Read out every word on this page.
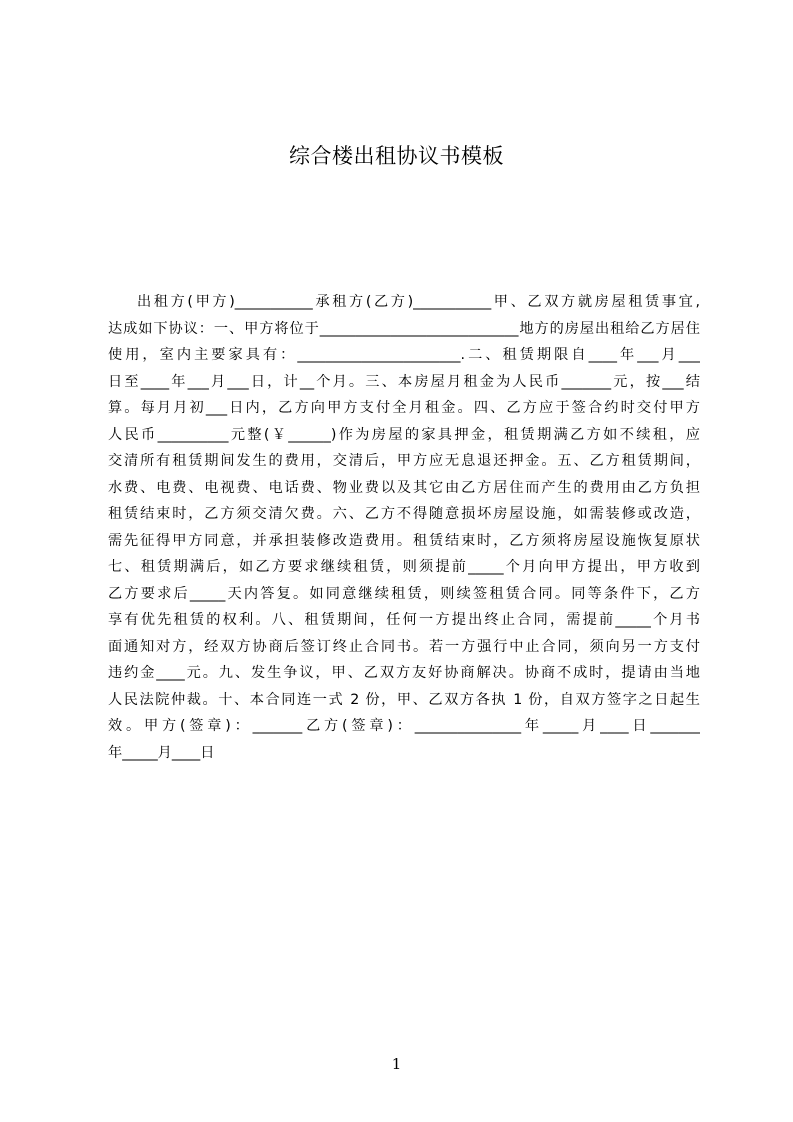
综合楼出租协议书模板
出租方(甲方)___________承租方(乙方)___________甲、乙双方就房屋租赁事宜,
达成如下协议：一、甲方将位于____________________________地方的房屋出租给乙方居住
使用，室内主要家具有：_______________________.二、租赁期限自____年___月___
日至____年___月___日，计__个月。三、本房屋月租金为人民币_______元，按___结
算。每月月初___日内，乙方向甲方支付全月租金。四、乙方应于签合约时交付甲方
人民币__________元整(￥______)作为房屋的家具押金，租赁期满乙方如不续租，应
交清所有租赁期间发生的费用，交清后，甲方应无息退还押金。五、乙方租赁期间，
水费、电费、电视费、电话费、物业费以及其它由乙方居住而产生的费用由乙方负担
租赁结束时，乙方须交清欠费。六、乙方不得随意损坏房屋设施，如需装修或改造，
需先征得甲方同意，并承担装修改造费用。租赁结束时，乙方须将房屋设施恢复原状
七、租赁期满后，如乙方要求继续租赁，则须提前_____个月向甲方提出，甲方收到
乙方要求后_____天内答复。如同意继续租赁，则续签租赁合同。同等条件下，乙方
享有优先租赁的权利。八、租赁期间，任何一方提出终止合同，需提前_____个月书
面通知对方，经双方协商后签订终止合同书。若一方强行中止合同，须向另一方支付
违约金____元。九、发生争议，甲、乙双方友好协商解决。协商不成时，提请由当地
人民法院仲裁。十、本合同连一式 2 份，甲、乙双方各执 1 份，自双方签字之日起生
效。甲方(签章)：_______乙方(签章)：_______________年_____月____日_______
年_____月____日
1
